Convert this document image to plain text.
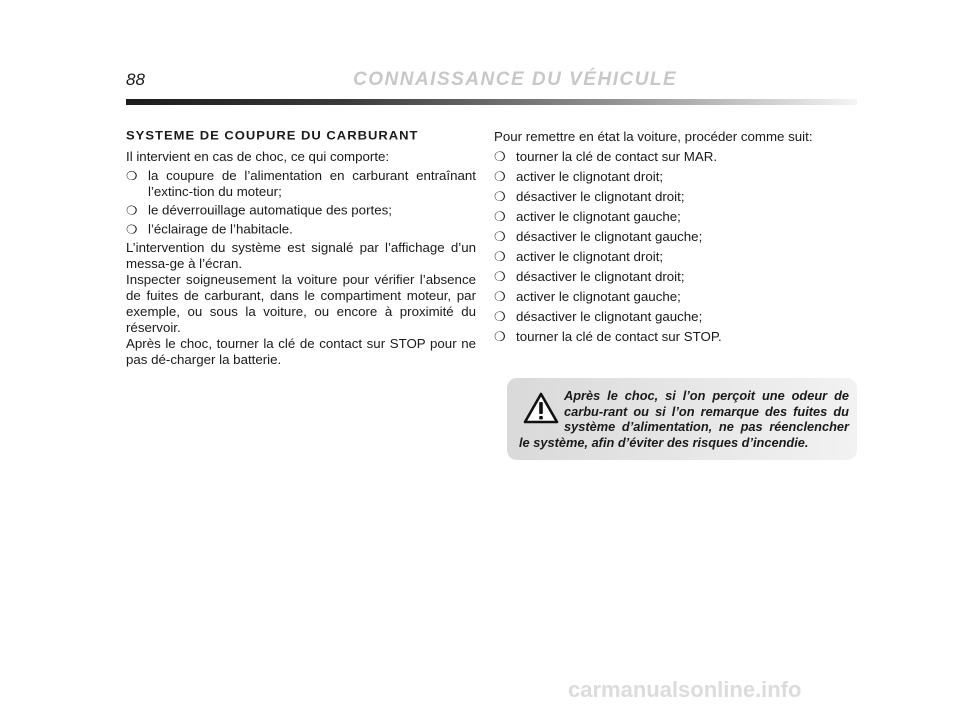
88	CONNAISSANCE DU VÉHICULE
SYSTEME DE COUPURE DU CARBURANT

Il intervient en cas de choc, ce qui comporte:

❍ la coupure de l’alimentation en carburant entraînant l’extinc-tion du moteur;
❍ le déverrouillage automatique des portes;
❍ l’éclairage de l’habitacle.

L’intervention du système est signalé par l’affichage d’un messa-ge à l’écran.

Inspecter soigneusement la voiture pour vérifier l’absence de fuites de carburant, dans le compartiment moteur, par exemple, ou sous la voiture, ou encore à proximité du réservoir.

Après le choc, tourner la clé de contact sur STOP pour ne pas dé-charger la batterie.

Pour remettre en état la voiture, procéder comme suit:

❍ tourner la clé de contact sur MAR.
❍ activer le clignotant droit;
❍ désactiver le clignotant droit;
❍ activer le clignotant gauche;
❍ désactiver le clignotant gauche;
❍ activer le clignotant droit;
❍ désactiver le clignotant droit;
❍ activer le clignotant gauche;
❍ désactiver le clignotant gauche;
❍ tourner la clé de contact sur STOP.
Après le choc, si l’on perçoit une odeur de carbu-rant ou si l’on remarque des fuites du système d’alimentation, ne pas réenclencher le système, afin d’éviter des risques d’incendie.
carmanualsonline.info
